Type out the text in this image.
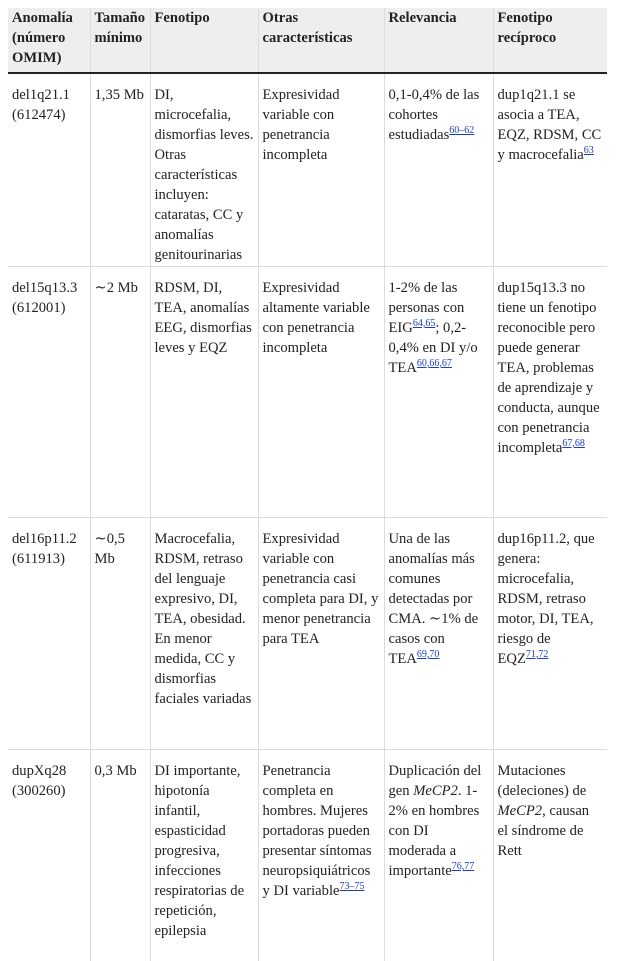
Anomalía (número OMIM)	Tamaño mínimo	Fenotipo	Otras características	Relevancia	Fenotipo recíproco
del1q21.1 (612474)	1,35 Mb	DI, microcefalia, dismorfias leves. Otras características incluyen: cataratas, CC y anomalías genitourinarias	Expresividad variable con penetrancia incompleta	0,1-0,4% de las cohortes estudiadas$^{60-62}$	dup1q21.1 se asocia a TEA, EQZ, RDSM, CC y macrocefalia$^{63}$
del15q13.3 (612001)	∼2 Mb	RDSM, DI, TEA, anomalías EEG, dismorfias leves y EQZ	Expresividad altamente variable con penetrancia incompleta	1-2% de las personas con EIG$^{64,65}$; 0,2-0,4% en DI y/o TEA$^{60,66,67}$	dup15q13.3 no tiene un fenotipo reconocible pero puede generar TEA, problemas de aprendizaje y conducta, aunque con penetrancia incompleta$^{67,68}$
del16p11.2 (611913)	∼0,5 Mb	Macrocefalia, RDSM, retraso del lenguaje expresivo, DI, TEA, obesidad. En menor medida, CC y dismorfias faciales variadas	Expresividad variable con penetrancia casi completa para DI, y menor penetrancia para TEA	Una de las anomalías más comunes detectadas por CMA. ∼1% de casos con TEA$^{69,70}$	dup16p11.2, que genera: microcefalia, RDSM, retraso motor, DI, TEA, riesgo de EQZ$^{71,72}$
dupXq28 (300260)	0,3 Mb	DI importante, hipotonía infantil, espasticidad progresiva, infecciones respiratorias de repetición, epilepsia	Penetrancia completa en hombres. Mujeres portadoras pueden presentar síntomas neuropsiquiátricos y DI variable$^{73-75}$	Duplicación del gen MeCP2. 1-2% en hombres con DI moderada a importante$^{76,77}$	Mutaciones (deleciones) de MeCP2, causan el síndrome de Rett
